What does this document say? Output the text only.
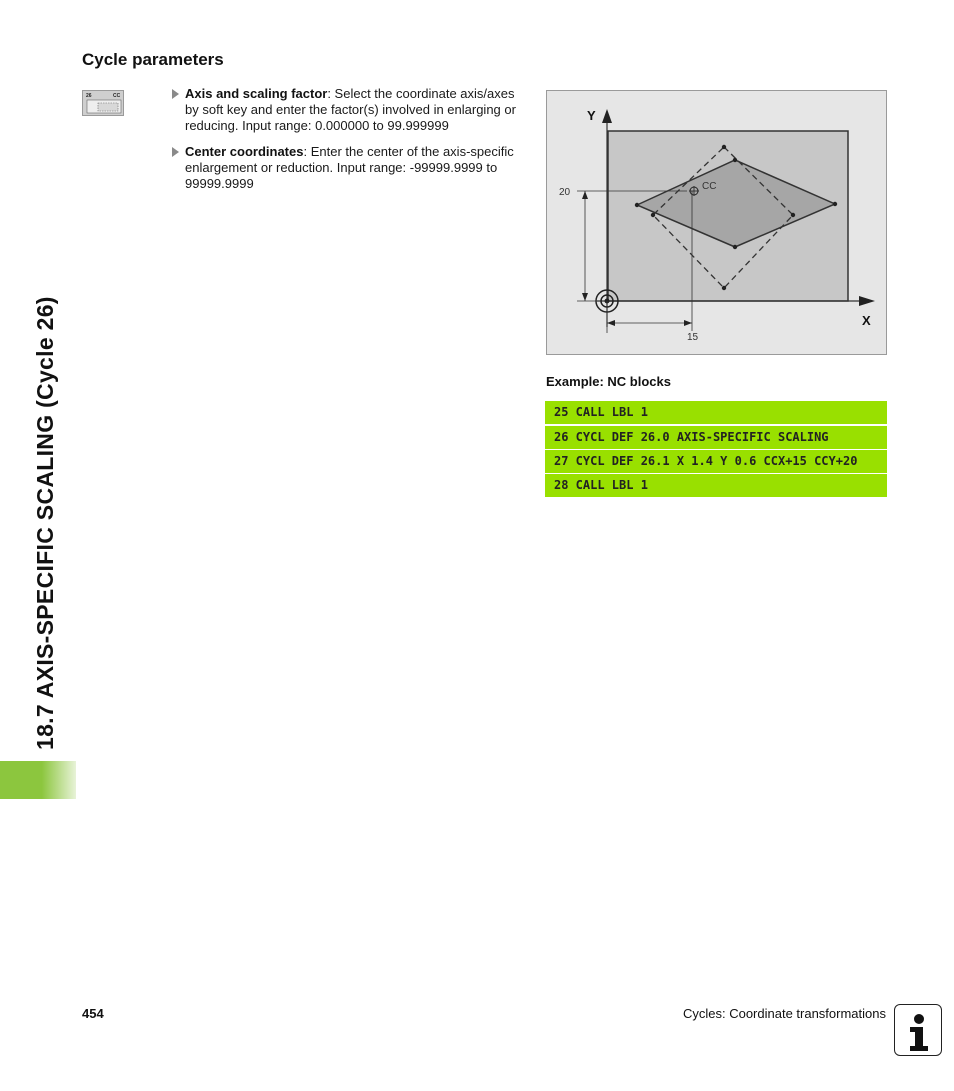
18.7 AXIS-SPECIFIC SCALING (Cycle 26)
Cycle parameters
26	CC	Axis and scaling factor: Select the coordinate axis/axes by soft key and enter the factor(s) involved in enlarging or reducing. Input range: 0.000000 to 99.999999
Center coordinates: Enter the center of the axis-specific enlargement or reduction. Input range: -99999.9999 to 99999.9999
Y
X
20
15
CC
Example: NC blocks
25 CALL LBL 1
26 CYCL DEF 26.0 AXIS-SPECIFIC SCALING
27 CYCL DEF 26.1 X 1.4 Y 0.6 CCX+15 CCY+20
28 CALL LBL 1
454	Cycles: Coordinate transformations
